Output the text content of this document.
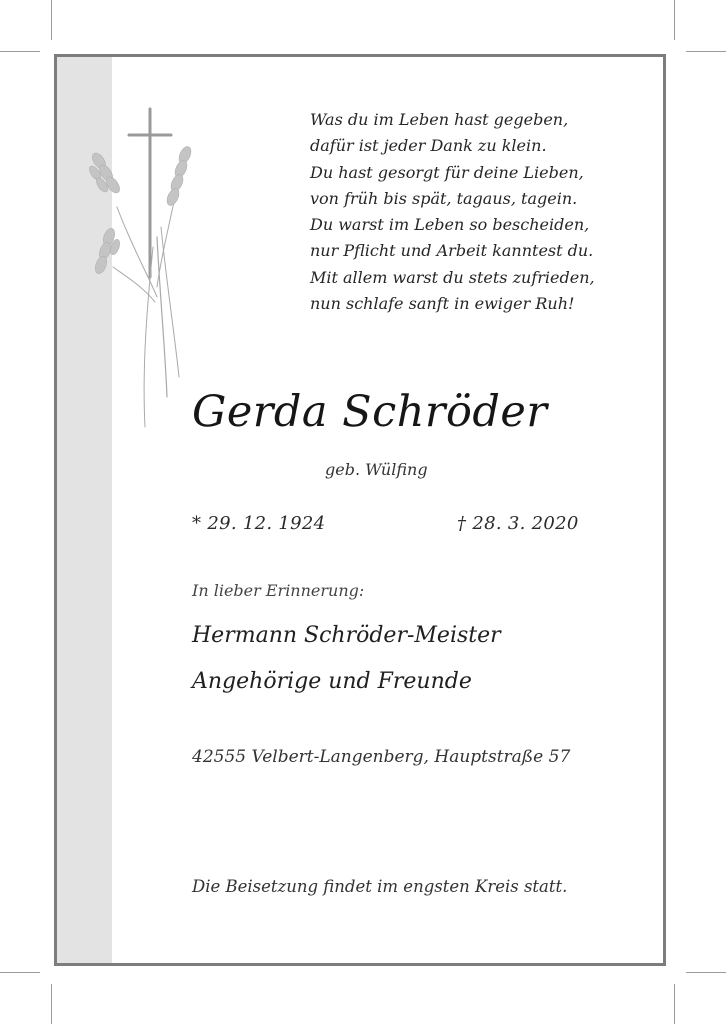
Was du im Leben hast gegeben,
dafür ist jeder Dank zu klein.
Du hast gesorgt für deine Lieben,
von früh bis spät, tagaus, tagein.
Du warst im Leben so bescheiden,
nur Pflicht und Arbeit kanntest du.
Mit allem warst du stets zufrieden,
nun schlafe sanft in ewiger Ruh!
Gerda Schröder
geb. Wülfing
* 29. 12. 1924	† 28. 3. 2020
In lieber Erinnerung:
Hermann Schröder-Meister
Angehörige und Freunde
42555 Velbert-Langenberg, Hauptstraße 57
Die Beisetzung findet im engsten Kreis statt.
